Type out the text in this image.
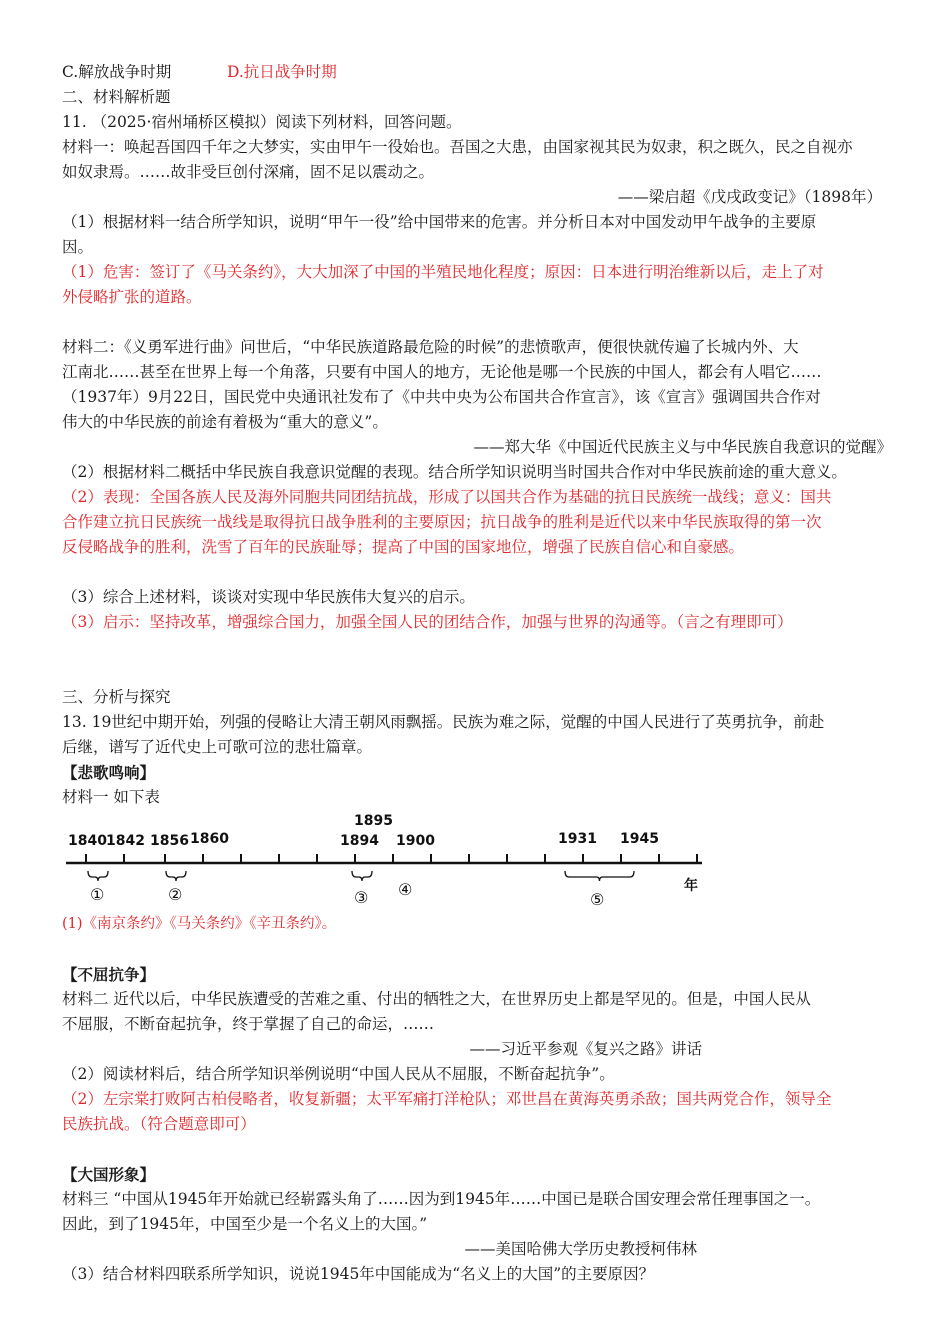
C.解放战争时期	D.抗日战争时期
二、材料解析题
11. （2025·宿州埇桥区模拟）阅读下列材料，回答问题。
材料一：唤起吾国四千年之大梦实，实由甲午一役始也。吾国之大患，由国家视其民为奴隶，积之既久，民之自视亦
如奴隶焉。……故非受巨创付深痛，固不足以震动之。
——梁启超《戊戌政变记》（1898年）
（1）根据材料一结合所学知识，说明“甲午一役”给中国带来的危害。并分析日本对中国发动甲午战争的主要原
因。
（1）危害：签订了《马关条约》，大大加深了中国的半殖民地化程度；原因：日本进行明治维新以后，走上了对
外侵略扩张的道路。
材料二：《义勇军进行曲》问世后，“中华民族道路最危险的时候”的悲愤歌声，便很快就传遍了长城内外、大
江南北……甚至在世界上每一个角落，只要有中国人的地方，无论他是哪一个民族的中国人，都会有人唱它……
（1937年）9月22日，国民党中央通讯社发布了《中共中央为公布国共合作宣言》，该《宣言》强调国共合作对
伟大的中华民族的前途有着极为“重大的意义”。
——郑大华《中国近代民族主义与中华民族自我意识的觉醒》
（2）根据材料二概括中华民族自我意识觉醒的表现。结合所学知识说明当时国共合作对中华民族前途的重大意义。
（2）表现：全国各族人民及海外同胞共同团结抗战，形成了以国共合作为基础的抗日民族统一战线；意义：国共
合作建立抗日民族统一战线是取得抗日战争胜利的主要原因；抗日战争的胜利是近代以来中华民族取得的第一次
反侵略战争的胜利，洗雪了百年的民族耻辱；提高了中国的国家地位，增强了民族自信心和自豪感。
（3）综合上述材料，谈谈对实现中华民族伟大复兴的启示。
（3）启示：坚持改革，增强综合国力，加强全国人民的团结合作，加强与世界的沟通等。（言之有理即可）
三、分析与探究
13. 19世纪中期开始，列强的侵略让大清王朝风雨飘摇。民族为难之际，觉醒的中国人民进行了英勇抗争，前赴
后继，谱写了近代史上可歌可泣的悲壮篇章。
【悲歌鸣响】
材料一 如下表
1840 1842 1856 1860	1894
1895
1900	1931 1945
①	②	③ ④
⑤
年
(1)《南京条约》《马关条约》《辛丑条约》。
【不屈抗争】
材料二 近代以后，中华民族遭受的苦难之重、付出的牺牲之大，在世界历史上都是罕见的。但是，中国人民从
不屈服，不断奋起抗争，终于掌握了自己的命运，……
——习近平参观《复兴之路》讲话
（2）阅读材料后，结合所学知识举例说明“中国人民从不屈服，不断奋起抗争”。
（2）左宗棠打败阿古柏侵略者，收复新疆；太平军痛打洋枪队；邓世昌在黄海英勇杀敌；国共两党合作，领导全
民族抗战。（符合题意即可）
【大国形象】
材料三 “中国从1945年开始就已经崭露头角了……因为到1945年……中国已是联合国安理会常任理事国之一。
因此，到了1945年，中国至少是一个名义上的大国。”
——美国哈佛大学历史教授柯伟林
（3）结合材料四联系所学知识，说说1945年中国能成为“名义上的大国”的主要原因？
